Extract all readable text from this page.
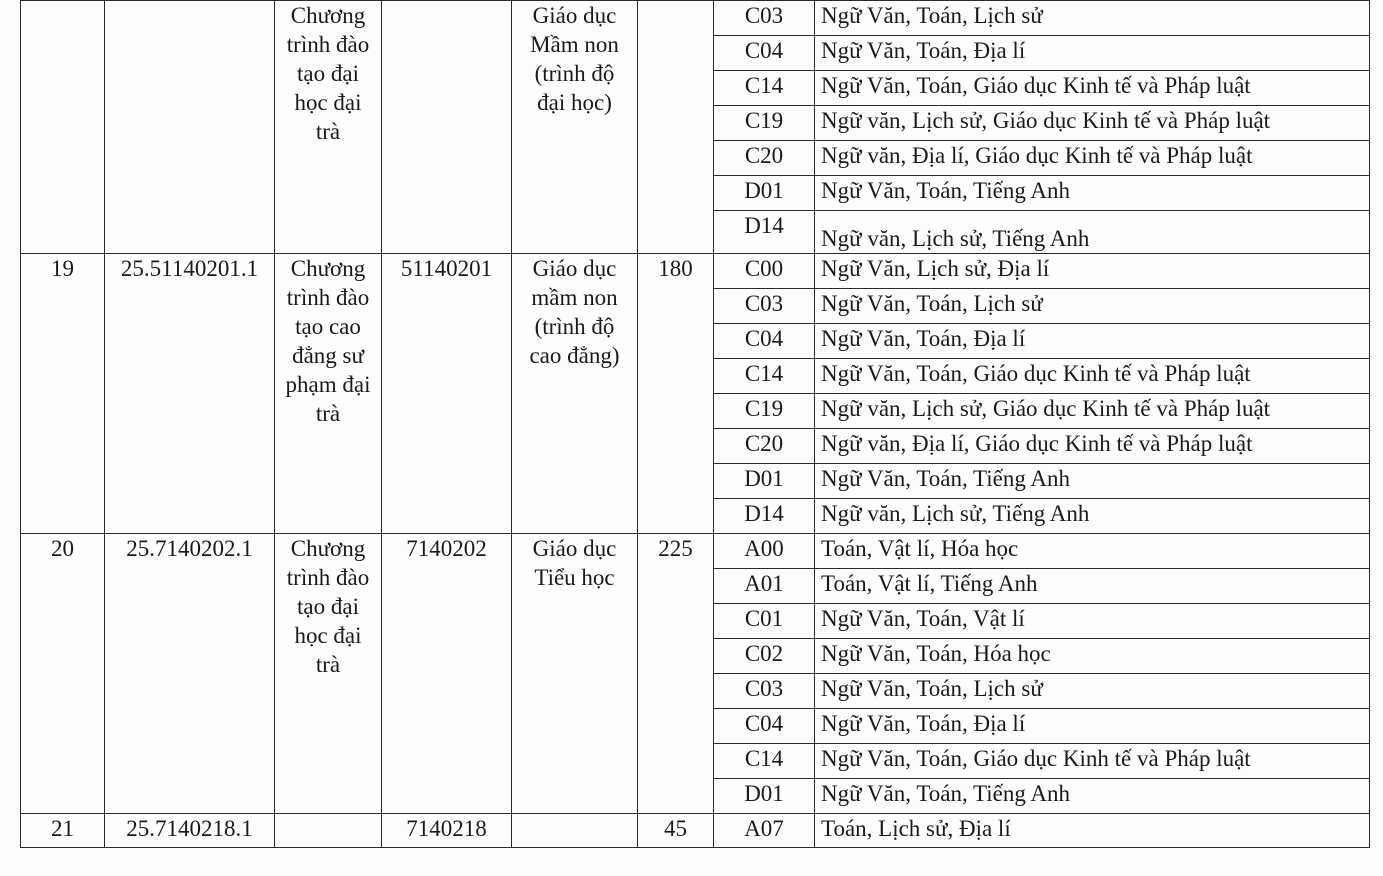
		Chương trình đào tạo đại học đại trà		Giáo dục Mầm non (trình độ đại học)		C03	Ngữ Văn, Toán, Lịch sử
						C04	Ngữ Văn, Toán, Địa lí
						C14	Ngữ Văn, Toán, Giáo dục Kinh tế và Pháp luật
						C19	Ngữ văn, Lịch sử, Giáo dục Kinh tế và Pháp luật
						C20	Ngữ văn, Địa lí, Giáo dục Kinh tế và Pháp luật
						D01	Ngữ Văn, Toán, Tiếng Anh
						D14	Ngữ văn, Lịch sử, Tiếng Anh
19	25.51140201.1	Chương trình đào tạo cao đẳng sư phạm đại trà	51140201	Giáo dục mầm non (trình độ cao đẳng)	180	C00	Ngữ Văn, Lịch sử, Địa lí
						C03	Ngữ Văn, Toán, Lịch sử
						C04	Ngữ Văn, Toán, Địa lí
						C14	Ngữ Văn, Toán, Giáo dục Kinh tế và Pháp luật
						C19	Ngữ văn, Lịch sử, Giáo dục Kinh tế và Pháp luật
						C20	Ngữ văn, Địa lí, Giáo dục Kinh tế và Pháp luật
						D01	Ngữ Văn, Toán, Tiếng Anh
						D14	Ngữ văn, Lịch sử, Tiếng Anh
20	25.7140202.1	Chương trình đào tạo đại học đại trà	7140202	Giáo dục Tiểu học	225	A00	Toán, Vật lí, Hóa học
						A01	Toán, Vật lí, Tiếng Anh
						C01	Ngữ Văn, Toán, Vật lí
						C02	Ngữ Văn, Toán, Hóa học
						C03	Ngữ Văn, Toán, Lịch sử
						C04	Ngữ Văn, Toán, Địa lí
						C14	Ngữ Văn, Toán, Giáo dục Kinh tế và Pháp luật
						D01	Ngữ Văn, Toán, Tiếng Anh
21	25.7140218.1		7140218		45	A07	Toán, Lịch sử, Địa lí
